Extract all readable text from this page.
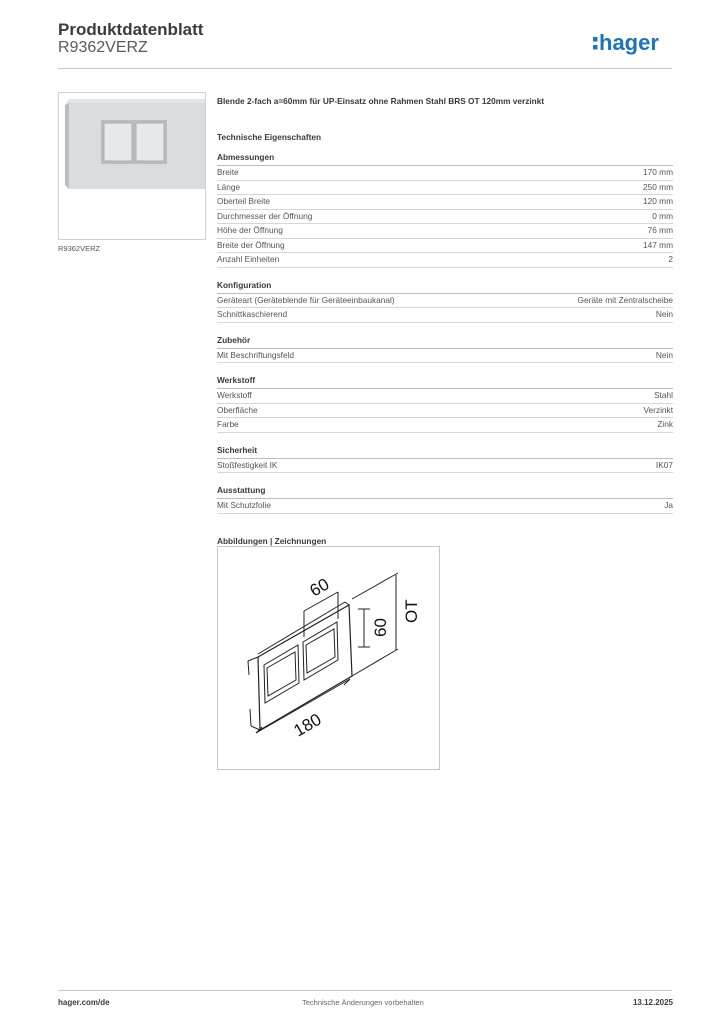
Produktdatenblatt
R9362VERZ	hager
R9362VERZ
Blende 2-fach a=60mm für UP-Einsatz ohne Rahmen Stahl BRS OT 120mm verzinkt
Technische Eigenschaften
Abmessungen
Breite	170 mm
Länge	250 mm
Oberteil Breite	120 mm
Durchmesser der Öffnung	0 mm
Höhe der Öffnung	76 mm
Breite der Öffnung	147 mm
Anzahl Einheiten	2
Konfiguration
Geräteart (Geräteblende für Geräteeinbaukanal)	Geräte mit Zentralscheibe
Schnittkaschierend	Nein
Zubehör
Mit Beschriftungsfeld	Nein
Werkstoff
Werkstoff	Stahl
Oberfläche	Verzinkt
Farbe	Zink
Sicherheit
Stoßfestigkeit IK	IK07
Ausstattung
Mit Schutzfolie	Ja
Abbildungen | Zeichnungen
60
60
OT
180
hager.com/de	Technische Änderungen vorbehalten	13.12.2025
